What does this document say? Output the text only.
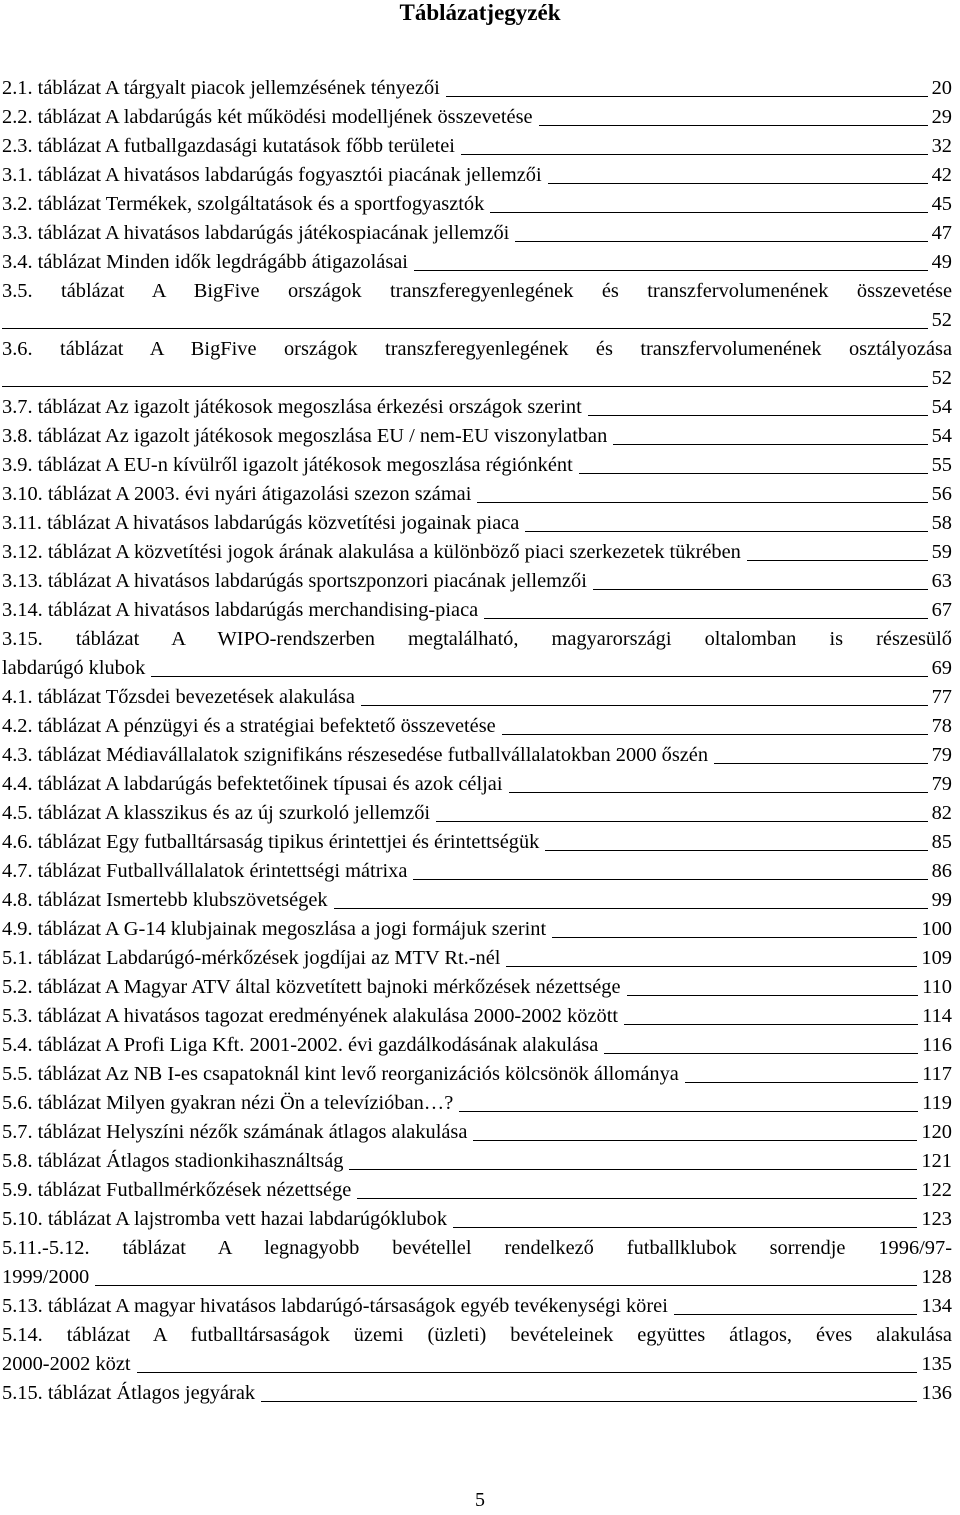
Táblázatjegyzék
2.1. táblázat A tárgyalt piacok jellemzésének tényezői	20
2.2. táblázat A labdarúgás két működési modelljének összevetése	29
2.3. táblázat A futballgazdasági kutatások főbb területei	32
3.1. táblázat A hivatásos labdarúgás fogyasztói piacának jellemzői	42
3.2. táblázat Termékek, szolgáltatások és a sportfogyasztók	45
3.3. táblázat A hivatásos labdarúgás játékospiacának jellemzői	47
3.4. táblázat Minden idők legdrágább átigazolásai	49
3.5. táblázat A BigFive országok transzferegyenlegének és transzfervolumenének összevetése
52
3.6. táblázat A BigFive országok transzferegyenlegének és transzfervolumenének osztályozása
52
3.7. táblázat Az igazolt játékosok megoszlása érkezési országok szerint	54
3.8. táblázat Az igazolt játékosok megoszlása EU / nem-EU viszonylatban	54
3.9. táblázat A EU-n kívülről igazolt játékosok megoszlása régiónként	55
3.10. táblázat A 2003. évi nyári átigazolási szezon számai	56
3.11. táblázat A hivatásos labdarúgás közvetítési jogainak piaca	58
3.12. táblázat A közvetítési jogok árának alakulása a különböző piaci szerkezetek tükrében	59
3.13. táblázat A hivatásos labdarúgás sportszponzori piacának jellemzői	63
3.14. táblázat A hivatásos labdarúgás merchandising-piaca	67
3.15. táblázat A WIPO-rendszerben megtalálható, magyarországi oltalomban is részesülő
labdarúgó klubok	69
4.1. táblázat Tőzsdei bevezetések alakulása	77
4.2. táblázat A pénzügyi és a stratégiai befektető összevetése	78
4.3. táblázat Médiavállalatok szignifikáns részesedése futballvállalatokban 2000 őszén	79
4.4. táblázat A labdarúgás befektetőinek típusai és azok céljai	79
4.5. táblázat A klasszikus és az új szurkoló jellemzői	82
4.6. táblázat Egy futballtársaság tipikus érintettjei és érintettségük	85
4.7. táblázat Futballvállalatok érintettségi mátrixa	86
4.8. táblázat Ismertebb klubszövetségek	99
4.9. táblázat A G-14 klubjainak megoszlása a jogi formájuk szerint	100
5.1. táblázat Labdarúgó-mérkőzések jogdíjai az MTV Rt.-nél	109
5.2. táblázat A Magyar ATV által közvetített bajnoki mérkőzések nézettsége	110
5.3. táblázat A hivatásos tagozat eredményének alakulása 2000-2002 között	114
5.4. táblázat A Profi Liga Kft. 2001-2002. évi gazdálkodásának alakulása	116
5.5. táblázat Az NB I-es csapatoknál kint levő reorganizációs kölcsönök állománya	117
5.6. táblázat Milyen gyakran nézi Ön a televízióban…?	119
5.7. táblázat Helyszíni nézők számának átlagos alakulása	120
5.8. táblázat Átlagos stadionkihasználtság	121
5.9. táblázat Futballmérkőzések nézettsége	122
5.10. táblázat A lajstromba vett hazai labdarúgóklubok	123
5.11.-5.12. táblázat A legnagyobb bevétellel rendelkező futballklubok sorrendje 1996/97-
1999/2000	128
5.13. táblázat A magyar hivatásos labdarúgó-társaságok egyéb tevékenységi körei	134
5.14. táblázat A futballtársaságok üzemi (üzleti) bevételeinek együttes átlagos, éves alakulása
2000-2002 közt	135
5.15. táblázat Átlagos jegyárak	136
5
